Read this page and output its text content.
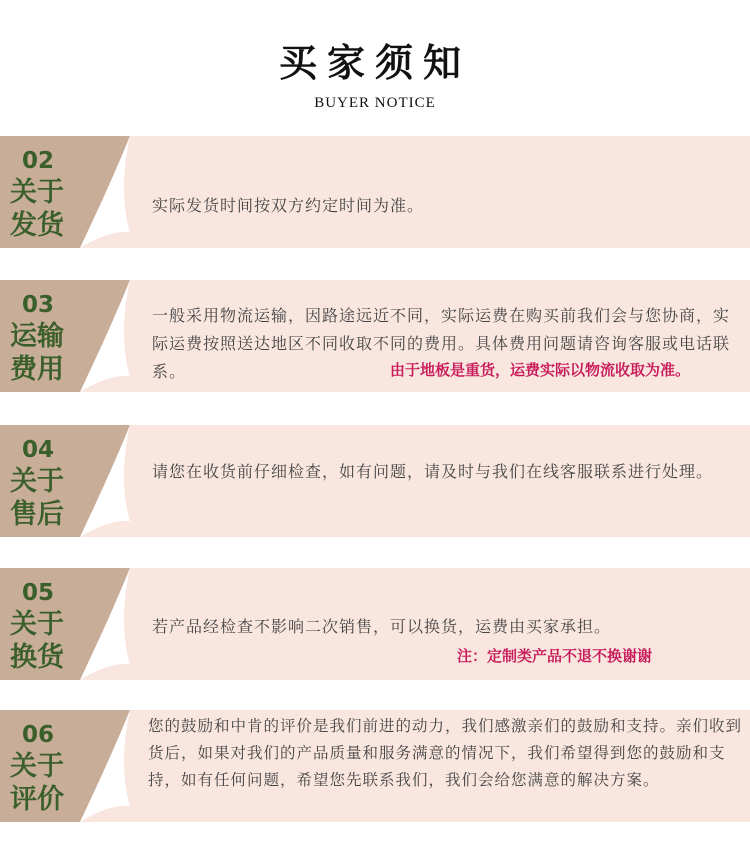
买家须知
BUYER NOTICE
02
关于
发货
实际发货时间按双方约定时间为准。
03
运输
费用
一般采用物流运输，因路途远近不同，实际运费在购买前我们会与您协商，实际运费按照送达地区不同收取不同的费用。具体费用问题请咨询客服或电话联系。	由于地板是重货，运费实际以物流收取为准。
04
关于
售后
请您在收货前仔细检查，如有问题，请及时与我们在线客服联系进行处理。
05
关于
换货
若产品经检查不影响二次销售，可以换货，运费由买家承担。
注：定制类产品不退不换谢谢
06
关于
评价
您的鼓励和中肯的评价是我们前进的动力，我们感激亲们的鼓励和支持。亲们收到货后，如果对我们的产品质量和服务满意的情况下，我们希望得到您的鼓励和支持，如有任何问题，希望您先联系我们，我们会给您满意的解决方案。
